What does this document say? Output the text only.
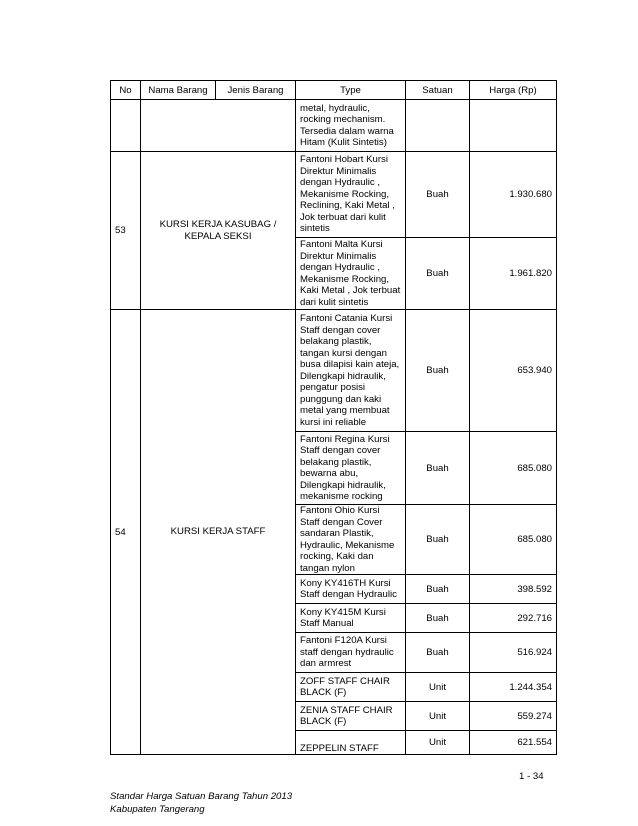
No	Nama Barang	Jenis Barang	Type	Satuan	Harga (Rp)
			metal, hydraulic, rocking mechanism. Tersedia dalam warna Hitam (Kulit Sintetis)		
53	KURSI KERJA KASUBAG / KEPALA SEKSI		Fantoni Hobart Kursi Direktur Minimalis dengan Hydraulic , Mekanisme Rocking, Reclining, Kaki Metal , Jok terbuat dari kulit sintetis	Buah	1.930.680
			Fantoni Malta Kursi Direktur Minimalis dengan Hydraulic , Mekanisme Rocking, Kaki Metal , Jok terbuat dari kulit sintetis	Buah	1.961.820
54	KURSI KERJA STAFF		Fantoni Catania Kursi Staff dengan cover belakang plastik, tangan kursi dengan busa dilapisi kain ateja, Dilengkapi hidraulik, pengatur posisi punggung dan kaki metal yang membuat kursi ini reliable	Buah	653.940
			Fantoni Regina Kursi Staff dengan cover belakang plastik, bewarna abu, Dilengkapi hidraulik, mekanisme rocking	Buah	685.080
			Fantoni Ohio Kursi Staff dengan Cover sandaran Plastik, Hydraulic, Mekanisme rocking, Kaki dan tangan nylon	Buah	685.080
			Kony KY416TH Kursi Staff dengan Hydraulic	Buah	398.592
			Kony KY415M Kursi Staff Manual	Buah	292.716
			Fantoni F120A Kursi staff dengan hydraulic dan armrest	Buah	516.924
			ZOFF STAFF CHAIR BLACK (F)	Unit	1.244.354
			ZENIA STAFF CHAIR BLACK (F)	Unit	559.274
			ZEPPELIN STAFF	Unit	621.554
1 - 34
Standar Harga Satuan Barang Tahun 2013
Kabupaten Tangerang
